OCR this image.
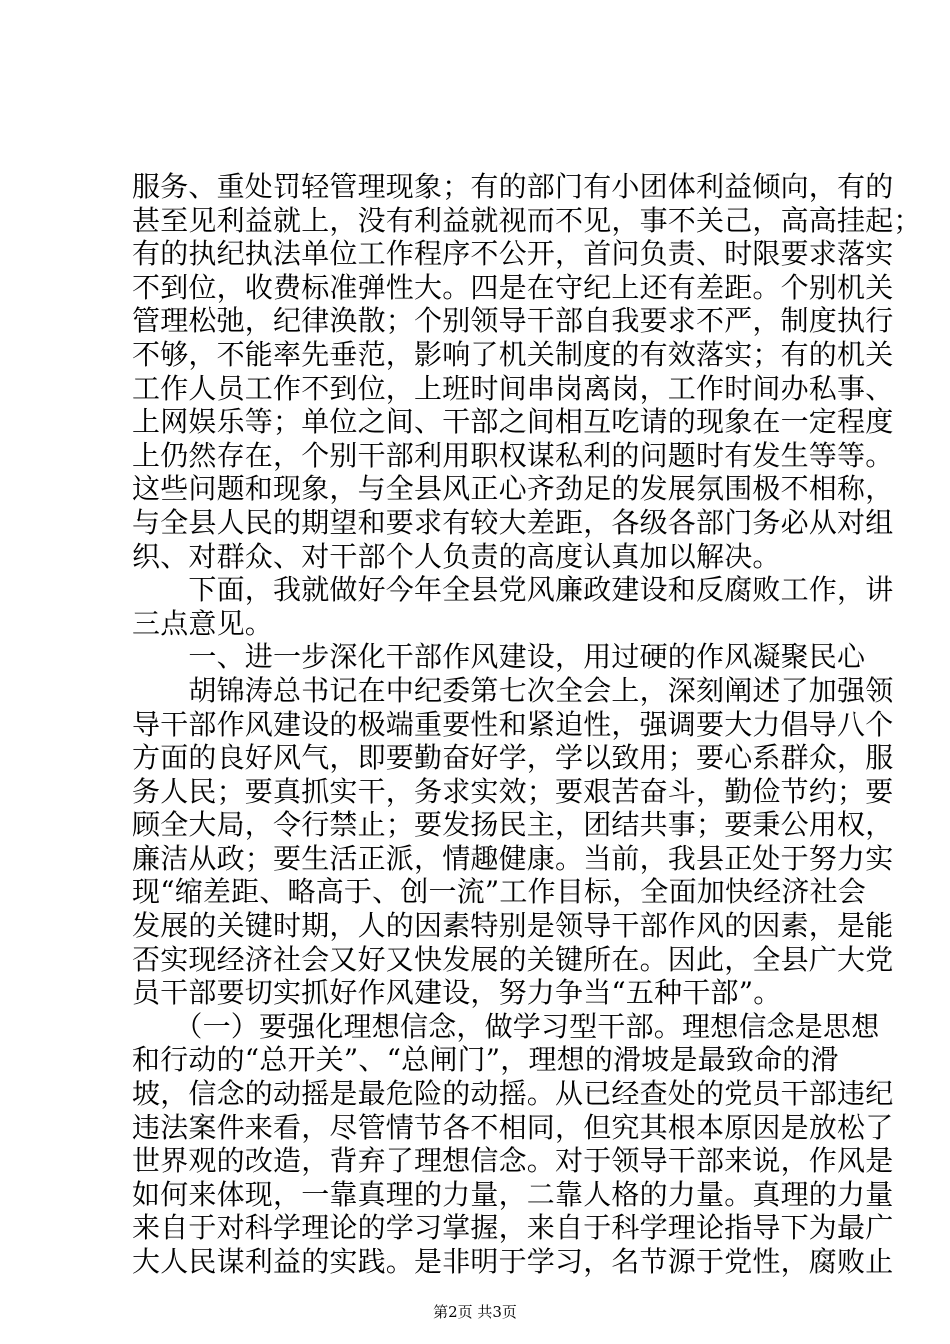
服务、重处罚轻管理现象；有的部门有小团体利益倾向，有的
甚至见利益就上，没有利益就视而不见，事不关己，高高挂起；
有的执纪执法单位工作程序不公开，首问负责、时限要求落实
不到位，收费标准弹性大。四是在守纪上还有差距。个别机关
管理松弛，纪律涣散；个别领导干部自我要求不严，制度执行
不够，不能率先垂范，影响了机关制度的有效落实；有的机关
工作人员工作不到位，上班时间串岗离岗，工作时间办私事、
上网娱乐等；单位之间、干部之间相互吃请的现象在一定程度
上仍然存在，个别干部利用职权谋私利的问题时有发生等等。
这些问题和现象，与全县风正心齐劲足的发展氛围极不相称，
与全县人民的期望和要求有较大差距，各级各部门务必从对组
织、对群众、对干部个人负责的高度认真加以解决。
　　下面，我就做好今年全县党风廉政建设和反腐败工作，讲
三点意见。
　　一、进一步深化干部作风建设，用过硬的作风凝聚民心
　　胡锦涛总书记在中纪委第七次全会上，深刻阐述了加强领
导干部作风建设的极端重要性和紧迫性，强调要大力倡导八个
方面的良好风气，即要勤奋好学，学以致用；要心系群众，服
务人民；要真抓实干，务求实效；要艰苦奋斗，勤俭节约；要
顾全大局，令行禁止；要发扬民主，团结共事；要秉公用权，
廉洁从政；要生活正派，情趣健康。当前，我县正处于努力实
现“缩差距、略高于、创一流”工作目标，全面加快经济社会
发展的关键时期，人的因素特别是领导干部作风的因素，是能
否实现经济社会又好又快发展的关键所在。因此，全县广大党
员干部要切实抓好作风建设，努力争当“五种干部”。
　　（一）要强化理想信念，做学习型干部。理想信念是思想
和行动的“总开关”、“总闸门”，理想的滑坡是最致命的滑
坡，信念的动摇是最危险的动摇。从已经查处的党员干部违纪
违法案件来看，尽管情节各不相同，但究其根本原因是放松了
世界观的改造，背弃了理想信念。对于领导干部来说，作风是
如何来体现，一靠真理的力量，二靠人格的力量。真理的力量
来自于对科学理论的学习掌握，来自于科学理论指导下为最广
大人民谋利益的实践。是非明于学习，名节源于党性，腐败止
第2页 共3页
